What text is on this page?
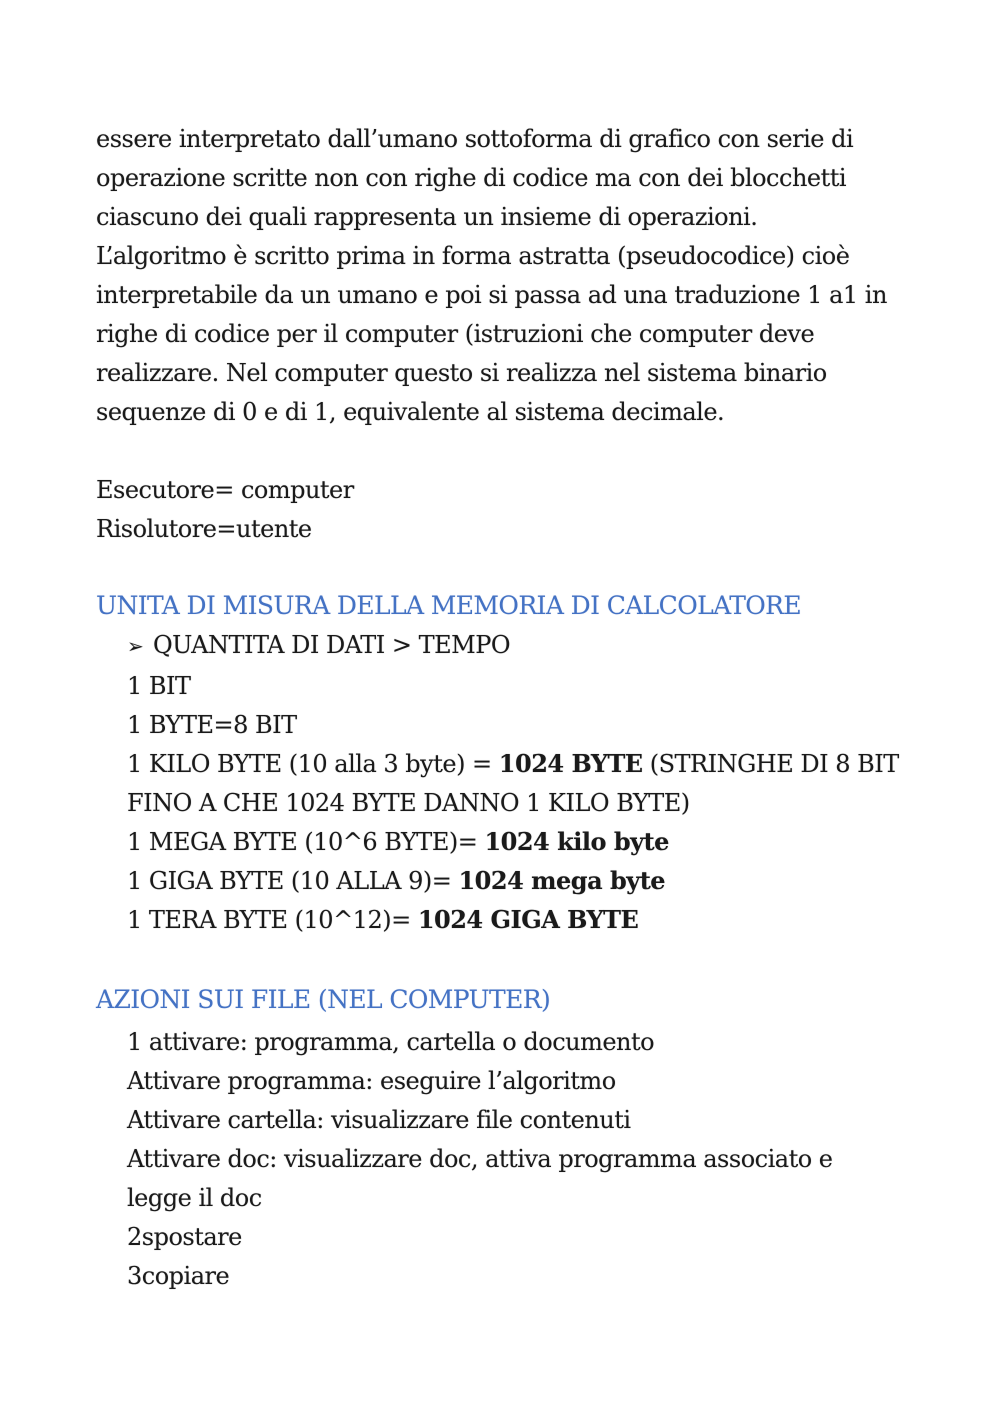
essere interpretato dall’umano sottoforma di grafico con serie di
operazione scritte non con righe di codice ma con dei blocchetti
ciascuno dei quali rappresenta un insieme di operazioni.
L’algoritmo è scritto prima in forma astratta (pseudocodice) cioè
interpretabile da un umano e poi si passa ad una traduzione 1 a1 in
righe di codice per il computer (istruzioni che computer deve
realizzare. Nel computer questo si realizza nel sistema binario
sequenze di 0 e di 1, equivalente al sistema decimale.
Esecutore= computer
Risolutore=utente
UNITA DI MISURA DELLA MEMORIA DI CALCOLATORE
➢ QUANTITA DI DATI > TEMPO
1 BIT
1 BYTE=8 BIT
1 KILO BYTE (10 alla 3 byte) = 1024 BYTE (STRINGHE DI 8 BIT
FINO A CHE 1024 BYTE DANNO 1 KILO BYTE)
1 MEGA BYTE (10^6 BYTE)= 1024 kilo byte
1 GIGA BYTE (10 ALLA 9)= 1024 mega byte
1 TERA BYTE (10^12)= 1024 GIGA BYTE
AZIONI SUI FILE (NEL COMPUTER)
1 attivare: programma, cartella o documento
Attivare programma: eseguire l’algoritmo
Attivare cartella: visualizzare file contenuti
Attivare doc: visualizzare doc, attiva programma associato e
legge il doc
2spostare
3copiare
